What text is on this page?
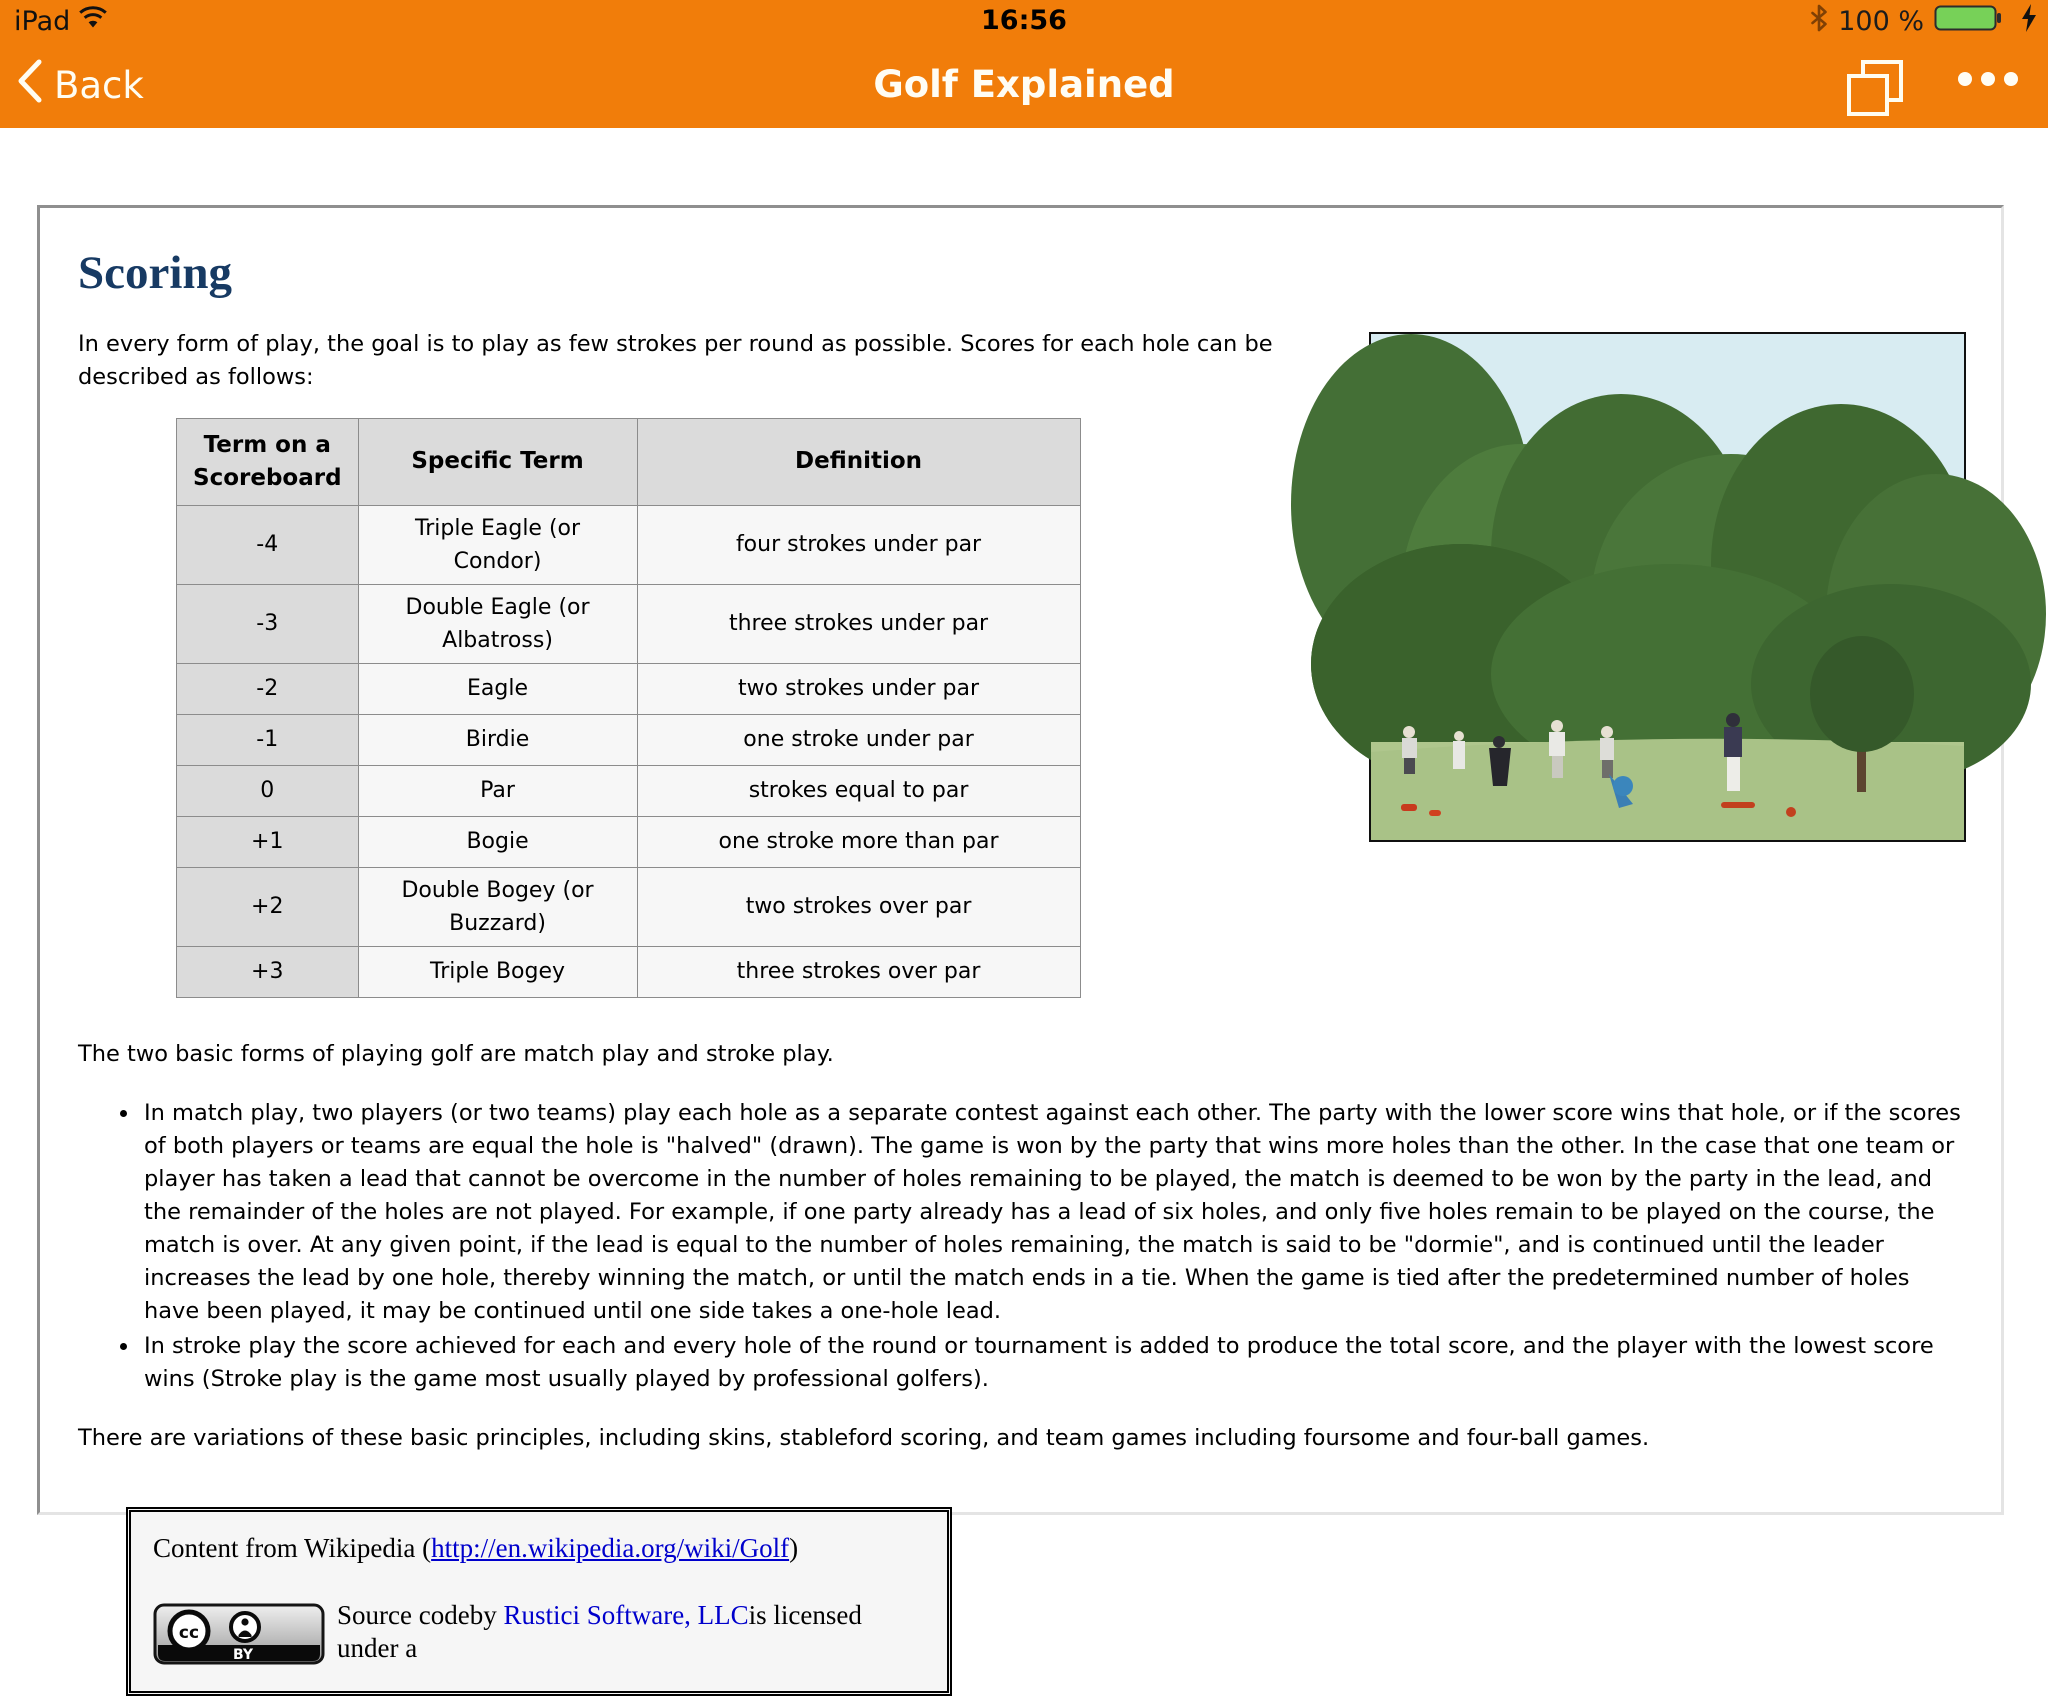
iPad	16:56	100 %
Back	Golf Explained
Scoring

In every form of play, the goal is to play as few strokes per round as possible. Scores for each hole can be described as follows:

Term on a Scoreboard	Specific Term	Definition
-4	Triple Eagle (or Condor)	four strokes under par
-3	Double Eagle (or Albatross)	three strokes under par
-2	Eagle	two strokes under par
-1	Birdie	one stroke under par
0	Par	strokes equal to par
+1	Bogie	one stroke more than par
+2	Double Bogey (or Buzzard)	two strokes over par
+3	Triple Bogey	three strokes over par

The two basic forms of playing golf are match play and stroke play.

• In match play, two players (or two teams) play each hole as a separate contest against each other. The party with the lower score wins that hole, or if the scores of both players or teams are equal the hole is "halved" (drawn). The game is won by the party that wins more holes than the other. In the case that one team or player has taken a lead that cannot be overcome in the number of holes remaining to be played, the match is deemed to be won by the party in the lead, and the remainder of the holes are not played. For example, if one party already has a lead of six holes, and only five holes remain to be played on the course, the match is over. At any given point, if the lead is equal to the number of holes remaining, the match is said to be "dormie", and is continued until the leader increases the lead by one hole, thereby winning the match, or until the match ends in a tie. When the game is tied after the predetermined number of holes have been played, it may be continued until one side takes a one-hole lead.
• In stroke play the score achieved for each and every hole of the round or tournament is added to produce the total score, and the player with the lowest score wins (Stroke play is the game most usually played by professional golfers).

There are variations of these basic principles, including skins, stableford scoring, and team games including foursome and four-ball games.

Content from Wikipedia (http://en.wikipedia.org/wiki/Golf)
cc
BY
Source codeby Rustici Software, LLCis licensed under a
